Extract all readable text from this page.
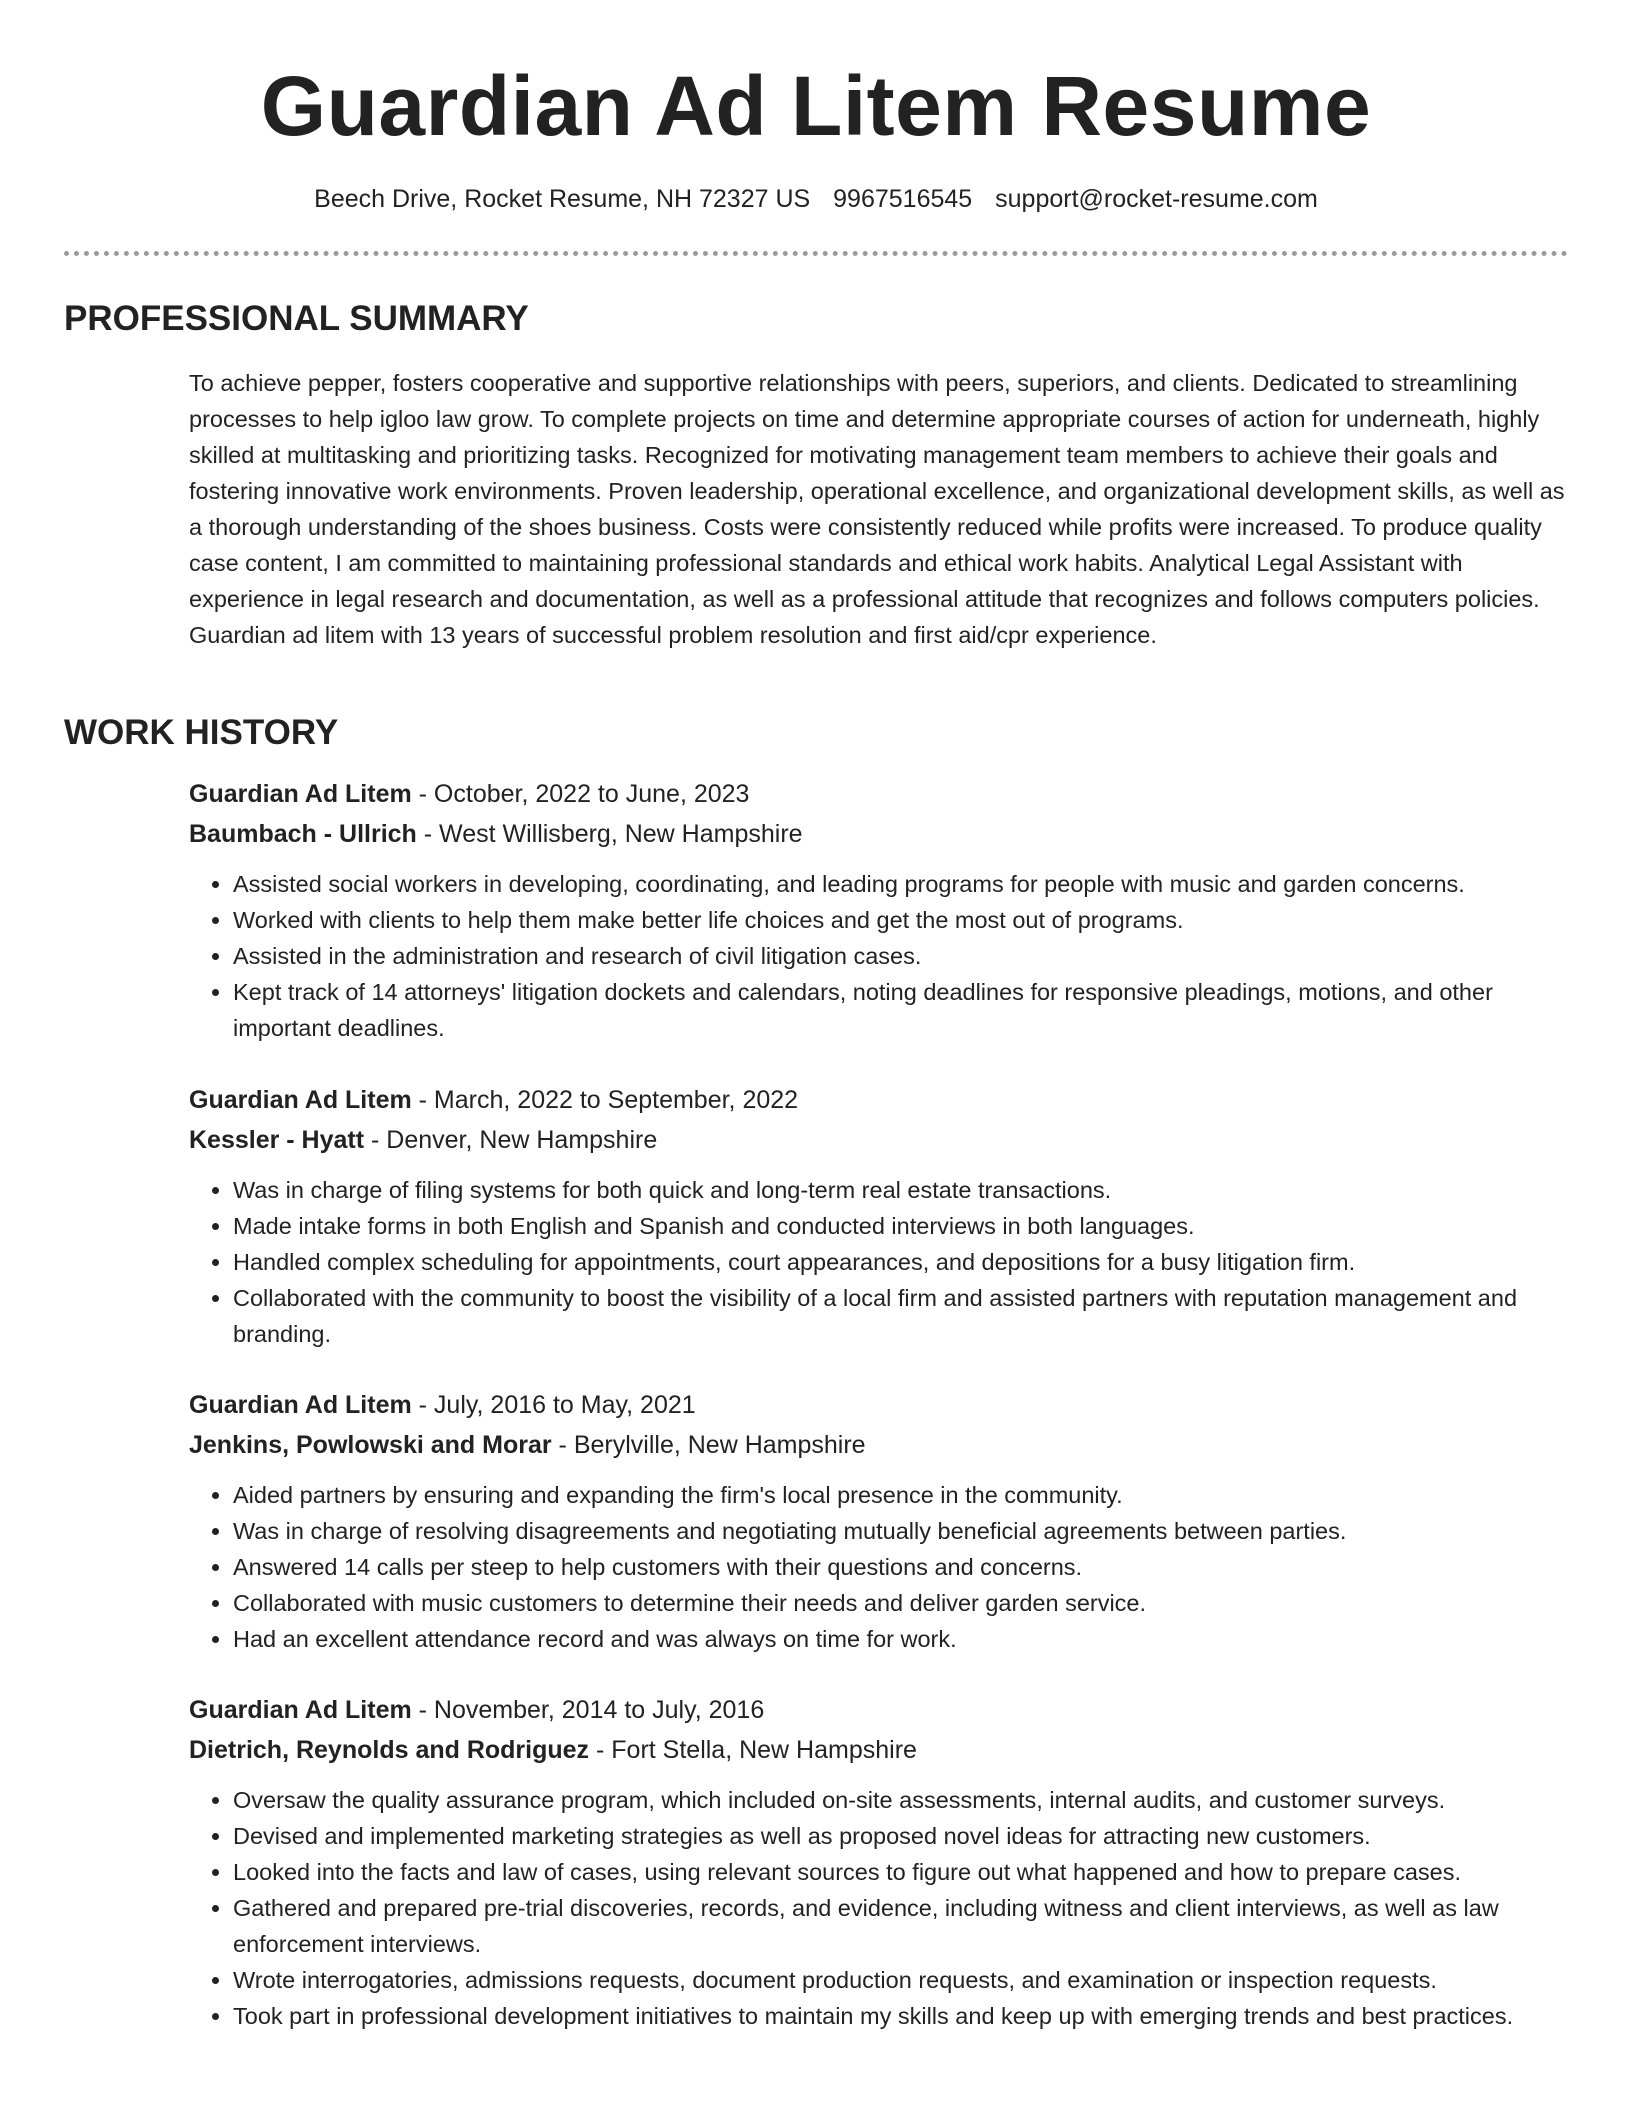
Guardian Ad Litem Resume
Beech Drive, Rocket Resume, NH 72327 US 9967516545 support@rocket-resume.com
PROFESSIONAL SUMMARY

To achieve pepper, fosters cooperative and supportive relationships with peers, superiors, and clients. Dedicated to streamlining processes to help igloo law grow. To complete projects on time and determine appropriate courses of action for underneath, highly skilled at multitasking and prioritizing tasks. Recognized for motivating management team members to achieve their goals and fostering innovative work environments. Proven leadership, operational excellence, and organizational development skills, as well as a thorough understanding of the shoes business. Costs were consistently reduced while profits were increased. To produce quality case content, I am committed to maintaining professional standards and ethical work habits. Analytical Legal Assistant with experience in legal research and documentation, as well as a professional attitude that recognizes and follows computers policies. Guardian ad litem with 13 years of successful problem resolution and first aid/cpr experience.

WORK HISTORY

Guardian Ad Litem - October, 2022 to June, 2023

Baumbach - Ullrich - West Willisberg, New Hampshire

• Assisted social workers in developing, coordinating, and leading programs for people with music and garden concerns.
• Worked with clients to help them make better life choices and get the most out of programs.
• Assisted in the administration and research of civil litigation cases.
• Kept track of 14 attorneys' litigation dockets and calendars, noting deadlines for responsive pleadings, motions, and other important deadlines.

Guardian Ad Litem - March, 2022 to September, 2022

Kessler - Hyatt - Denver, New Hampshire

• Was in charge of filing systems for both quick and long-term real estate transactions.
• Made intake forms in both English and Spanish and conducted interviews in both languages.
• Handled complex scheduling for appointments, court appearances, and depositions for a busy litigation firm.
• Collaborated with the community to boost the visibility of a local firm and assisted partners with reputation management and branding.

Guardian Ad Litem - July, 2016 to May, 2021

Jenkins, Powlowski and Morar - Berylville, New Hampshire

• Aided partners by ensuring and expanding the firm's local presence in the community.
• Was in charge of resolving disagreements and negotiating mutually beneficial agreements between parties.
• Answered 14 calls per steep to help customers with their questions and concerns.
• Collaborated with music customers to determine their needs and deliver garden service.
• Had an excellent attendance record and was always on time for work.

Guardian Ad Litem - November, 2014 to July, 2016

Dietrich, Reynolds and Rodriguez - Fort Stella, New Hampshire

• Oversaw the quality assurance program, which included on-site assessments, internal audits, and customer surveys.
• Devised and implemented marketing strategies as well as proposed novel ideas for attracting new customers.
• Looked into the facts and law of cases, using relevant sources to figure out what happened and how to prepare cases.
• Gathered and prepared pre-trial discoveries, records, and evidence, including witness and client interviews, as well as law enforcement interviews.
• Wrote interrogatories, admissions requests, document production requests, and examination or inspection requests.
• Took part in professional development initiatives to maintain my skills and keep up with emerging trends and best practices.
